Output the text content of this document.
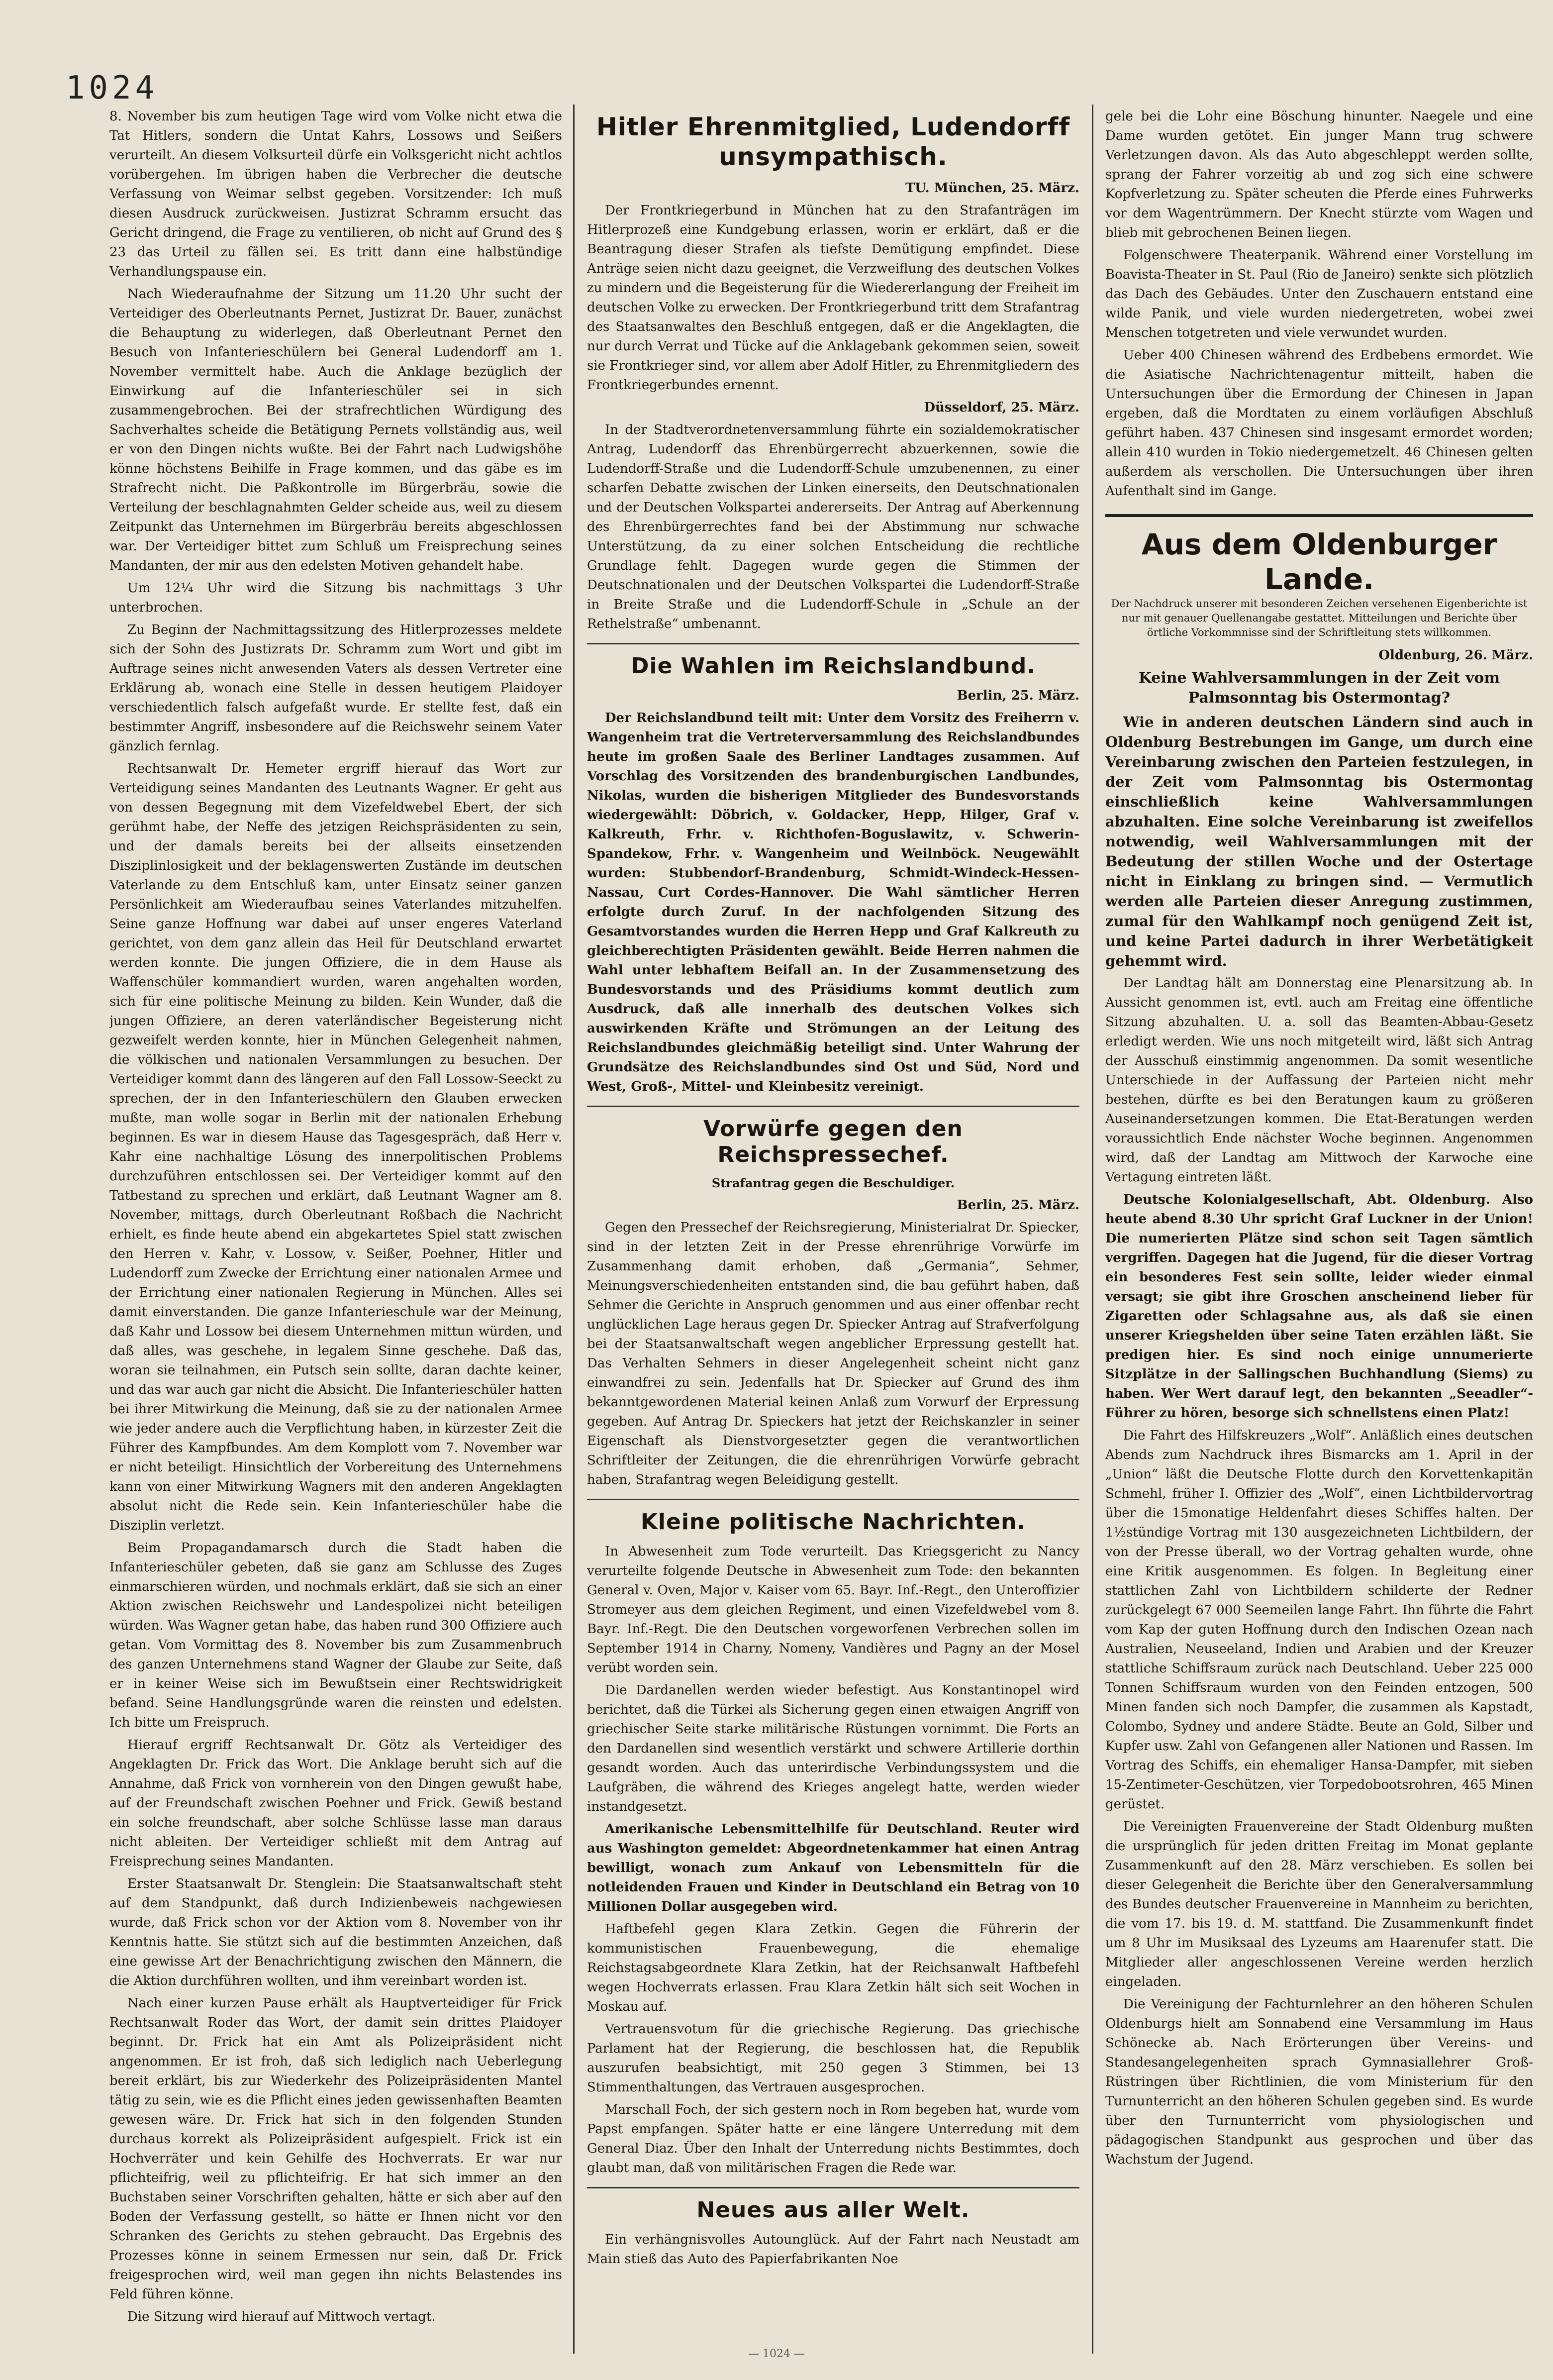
1024

8. November bis zum heutigen Tage wird vom Volke nicht etwa die Tat Hitlers, sondern die Untat Kahrs, Lossows und Seißers verurteilt. An diesem Volksurteil dürfe ein Volksgericht nicht achtlos vorübergehen. Im übrigen haben die Verbrecher die deutsche Verfassung von Weimar selbst gegeben. Vorsitzender: Ich muß diesen Ausdruck zurückweisen. Justizrat Schramm ersucht das Gericht dringend, die Frage zu ventilieren, ob nicht auf Grund des § 23 das Urteil zu fällen sei. Es tritt dann eine halbstündige Verhandlungspause ein.

Nach Wiederaufnahme der Sitzung um 11.20 Uhr sucht der Verteidiger des Oberleutnants Pernet, Justizrat Dr. Bauer, zunächst die Behauptung zu widerlegen, daß Oberleutnant Pernet den Besuch von Infanterieschülern bei General Ludendorff am 1. November vermittelt habe. Auch die Anklage bezüglich der Einwirkung auf die Infanterieschüler sei in sich zusammengebrochen. Bei der strafrechtlichen Würdigung des Sachverhaltes scheide die Betätigung Pernets vollständig aus, weil er von den Dingen nichts wußte. Bei der Fahrt nach Ludwigshöhe könne höchstens Beihilfe in Frage kommen, und das gäbe es im Strafrecht nicht. Die Paßkontrolle im Bürgerbräu, sowie die Verteilung der beschlagnahmten Gelder scheide aus, weil zu diesem Zeitpunkt das Unternehmen im Bürgerbräu bereits abgeschlossen war. Der Verteidiger bittet zum Schluß um Freisprechung seines Mandanten, der mir aus den edelsten Motiven gehandelt habe.

Um 12¼ Uhr wird die Sitzung bis nachmittags 3 Uhr unterbrochen.

Zu Beginn der Nachmittagssitzung des Hitlerprozesses meldete sich der Sohn des Justizrats Dr. Schramm zum Wort und gibt im Auftrage seines nicht anwesenden Vaters als dessen Vertreter eine Erklärung ab, wonach eine Stelle in dessen heutigem Plaidoyer verschiedentlich falsch aufgefaßt wurde. Er stellte fest, daß ein bestimmter Angriff, insbesondere auf die Reichswehr seinem Vater gänzlich fernlag.

Rechtsanwalt Dr. Hemeter ergriff hierauf das Wort zur Verteidigung seines Mandanten des Leutnants Wagner. Er geht aus von dessen Begegnung mit dem Vizefeldwebel Ebert, der sich gerühmt habe, der Neffe des jetzigen Reichspräsidenten zu sein, und der damals bereits bei der allseits einsetzenden Disziplinlosigkeit und der beklagenswerten Zustände im deutschen Vaterlande zu dem Entschluß kam, unter Einsatz seiner ganzen Persönlichkeit am Wiederaufbau seines Vaterlandes mitzuhelfen. Seine ganze Hoffnung war dabei auf unser engeres Vaterland gerichtet, von dem ganz allein das Heil für Deutschland erwartet werden konnte. Die jungen Offiziere, die in dem Hause als Waffenschüler kommandiert wurden, waren angehalten worden, sich für eine politische Meinung zu bilden. Kein Wunder, daß die jungen Offiziere, an deren vaterländischer Begeisterung nicht gezweifelt werden konnte, hier in München Gelegenheit nahmen, die völkischen und nationalen Versammlungen zu besuchen. Der Verteidiger kommt dann des längeren auf den Fall Lossow-Seeckt zu sprechen, der in den Infanterieschülern den Glauben erwecken mußte, man wolle sogar in Berlin mit der nationalen Erhebung beginnen. Es war in diesem Hause das Tagesgespräch, daß Herr v. Kahr eine nachhaltige Lösung des innerpolitischen Problems durchzuführen entschlossen sei. Der Verteidiger kommt auf den Tatbestand zu sprechen und erklärt, daß Leutnant Wagner am 8. November, mittags, durch Oberleutnant Roßbach die Nachricht erhielt, es finde heute abend ein abgekartetes Spiel statt zwischen den Herren v. Kahr, v. Lossow, v. Seißer, Poehner, Hitler und Ludendorff zum Zwecke der Errichtung einer nationalen Armee und der Errichtung einer nationalen Regierung in München. Alles sei damit einverstanden. Die ganze Infanterieschule war der Meinung, daß Kahr und Lossow bei diesem Unternehmen mittun würden, und daß alles, was geschehe, in legalem Sinne geschehe. Daß das, woran sie teilnahmen, ein Putsch sein sollte, daran dachte keiner, und das war auch gar nicht die Absicht. Die Infanterieschüler hatten bei ihrer Mitwirkung die Meinung, daß sie zu der nationalen Armee wie jeder andere auch die Verpflichtung haben, in kürzester Zeit die Führer des Kampfbundes. Am dem Komplott vom 7. November war er nicht beteiligt. Hinsichtlich der Vorbereitung des Unternehmens kann von einer Mitwirkung Wagners mit den anderen Angeklagten absolut nicht die Rede sein. Kein Infanterieschüler habe die Disziplin verletzt.

Beim Propagandamarsch durch die Stadt haben die Infanterieschüler gebeten, daß sie ganz am Schlusse des Zuges einmarschieren würden, und nochmals erklärt, daß sie sich an einer Aktion zwischen Reichswehr und Landespolizei nicht beteiligen würden. Was Wagner getan habe, das haben rund 300 Offiziere auch getan. Vom Vormittag des 8. November bis zum Zusammenbruch des ganzen Unternehmens stand Wagner der Glaube zur Seite, daß er in keiner Weise sich im Bewußtsein einer Rechtswidrigkeit befand. Seine Handlungsgründe waren die reinsten und edelsten. Ich bitte um Freispruch.

Hierauf ergriff Rechtsanwalt Dr. Götz als Verteidiger des Angeklagten Dr. Frick das Wort. Die Anklage beruht sich auf die Annahme, daß Frick von vornherein von den Dingen gewußt habe, auf der Freundschaft zwischen Poehner und Frick. Gewiß bestand ein solche freundschaft, aber solche Schlüsse lasse man daraus nicht ableiten. Der Verteidiger schließt mit dem Antrag auf Freisprechung seines Mandanten.

Erster Staatsanwalt Dr. Stenglein: Die Staatsanwaltschaft steht auf dem Standpunkt, daß durch Indizienbeweis nachgewiesen wurde, daß Frick schon vor der Aktion vom 8. November von ihr Kenntnis hatte. Sie stützt sich auf die bestimmten Anzeichen, daß eine gewisse Art der Benachrichtigung zwischen den Männern, die die Aktion durchführen wollten, und ihm vereinbart worden ist.

Nach einer kurzen Pause erhält als Hauptverteidiger für Frick Rechtsanwalt Roder das Wort, der damit sein drittes Plaidoyer beginnt. Dr. Frick hat ein Amt als Polizeipräsident nicht angenommen. Er ist froh, daß sich lediglich nach Ueberlegung bereit erklärt, bis zur Wiederkehr des Polizeipräsidenten Mantel tätig zu sein, wie es die Pflicht eines jeden gewissenhaften Beamten gewesen wäre. Dr. Frick hat sich in den folgenden Stunden durchaus korrekt als Polizeipräsident aufgespielt. Frick ist ein Hochverräter und kein Gehilfe des Hochverrats. Er war nur pflichteifrig, weil zu pflichteifrig. Er hat sich immer an den Buchstaben seiner Vorschriften gehalten, hätte er sich aber auf den Boden der Verfassung gestellt, so hätte er Ihnen nicht vor den Schranken des Gerichts zu stehen gebraucht. Das Ergebnis des Prozesses könne in seinem Ermessen nur sein, daß Dr. Frick freigesprochen wird, weil man gegen ihn nichts Belastendes ins Feld führen könne.

Die Sitzung wird hierauf auf Mittwoch vertagt.

Hitler Ehrenmitglied, Ludendorff unsympathisch.
TU. München, 25. März.

Der Frontkriegerbund in München hat zu den Strafanträgen im Hitlerprozeß eine Kundgebung erlassen, worin er erklärt, daß er die Beantragung dieser Strafen als tiefste Demütigung empfindet. Diese Anträge seien nicht dazu geeignet, die Verzweiflung des deutschen Volkes zu mindern und die Begeisterung für die Wiedererlangung der Freiheit im deutschen Volke zu erwecken. Der Frontkriegerbund tritt dem Strafantrag des Staatsanwaltes den Beschluß entgegen, daß er die Angeklagten, die nur durch Verrat und Tücke auf die Anklagebank gekommen seien, soweit sie Frontkrieger sind, vor allem aber Adolf Hitler, zu Ehrenmitgliedern des Frontkriegerbundes ernennt.

Düsseldorf, 25. März.

In der Stadtverordnetenversammlung führte ein sozialdemokratischer Antrag, Ludendorff das Ehrenbürgerrecht abzuerkennen, sowie die Ludendorff-Straße und die Ludendorff-Schule umzubenennen, zu einer scharfen Debatte zwischen der Linken einerseits, den Deutschnationalen und der Deutschen Volkspartei andererseits. Der Antrag auf Aberkennung des Ehrenbürgerrechtes fand bei der Abstimmung nur schwache Unterstützung, da zu einer solchen Entscheidung die rechtliche Grundlage fehlt. Dagegen wurde gegen die Stimmen der Deutschnationalen und der Deutschen Volkspartei die Ludendorff-Straße in Breite Straße und die Ludendorff-Schule in „Schule an der Rethelstraße“ umbenannt.

Die Wahlen im Reichslandbund.
Berlin, 25. März.

Der Reichslandbund teilt mit: Unter dem Vorsitz des Freiherrn v. Wangenheim trat die Vertreterversammlung des Reichslandbundes heute im großen Saale des Berliner Landtages zusammen. Auf Vorschlag des Vorsitzenden des brandenburgischen Landbundes, Nikolas, wurden die bisherigen Mitglieder des Bundesvorstands wiedergewählt: Döbrich, v. Goldacker, Hepp, Hilger, Graf v. Kalkreuth, Frhr. v. Richthofen-Boguslawitz, v. Schwerin-Spandekow, Frhr. v. Wangenheim und Weilnböck. Neugewählt wurden: Stubbendorf-Brandenburg, Schmidt-Windeck-Hessen-Nassau, Curt Cordes-Hannover. Die Wahl sämtlicher Herren erfolgte durch Zuruf. In der nachfolgenden Sitzung des Gesamtvorstandes wurden die Herren Hepp und Graf Kalkreuth zu gleichberechtigten Präsidenten gewählt. Beide Herren nahmen die Wahl unter lebhaftem Beifall an. In der Zusammensetzung des Bundesvorstands und des Präsidiums kommt deutlich zum Ausdruck, daß alle innerhalb des deutschen Volkes sich auswirkenden Kräfte und Strömungen an der Leitung des Reichslandbundes gleichmäßig beteiligt sind. Unter Wahrung der Grundsätze des Reichslandbundes sind Ost und Süd, Nord und West, Groß-, Mittel- und Kleinbesitz vereinigt.

Vorwürfe gegen den Reichspressechef.
Strafantrag gegen die Beschuldiger.
Berlin, 25. März.

Gegen den Pressechef der Reichsregierung, Ministerialrat Dr. Spiecker, sind in der letzten Zeit in der Presse ehrenrührige Vorwürfe im Zusammenhang damit erhoben, daß „Germania“, Sehmer, Meinungsverschiedenheiten entstanden sind, die bau geführt haben, daß Sehmer die Gerichte in Anspruch genommen und aus einer offenbar recht unglücklichen Lage heraus gegen Dr. Spiecker Antrag auf Strafverfolgung bei der Staatsanwaltschaft wegen angeblicher Erpressung gestellt hat. Das Verhalten Sehmers in dieser Angelegenheit scheint nicht ganz einwandfrei zu sein. Jedenfalls hat Dr. Spiecker auf Grund des ihm bekanntgewordenen Material keinen Anlaß zum Vorwurf der Erpressung gegeben. Auf Antrag Dr. Spieckers hat jetzt der Reichskanzler in seiner Eigenschaft als Dienstvorgesetzter gegen die verantwortlichen Schriftleiter der Zeitungen, die die ehrenrührigen Vorwürfe gebracht haben, Strafantrag wegen Beleidigung gestellt.

Kleine politische Nachrichten.

In Abwesenheit zum Tode verurteilt. Das Kriegsgericht zu Nancy verurteilte folgende Deutsche in Abwesenheit zum Tode: den bekannten General v. Oven, Major v. Kaiser vom 65. Bayr. Inf.-Regt., den Unteroffizier Stromeyer aus dem gleichen Regiment, und einen Vizefeldwebel vom 8. Bayr. Inf.-Regt. Die den Deutschen vorgeworfenen Verbrechen sollen im September 1914 in Charny, Nomeny, Vandières und Pagny an der Mosel verübt worden sein.

Die Dardanellen werden wieder befestigt. Aus Konstantinopel wird berichtet, daß die Türkei als Sicherung gegen einen etwaigen Angriff von griechischer Seite starke militärische Rüstungen vornimmt. Die Forts an den Dardanellen sind wesentlich verstärkt und schwere Artillerie dorthin gesandt worden. Auch das unterirdische Verbindungssystem und die Laufgräben, die während des Krieges angelegt hatte, werden wieder instandgesetzt.

Amerikanische Lebensmittelhilfe für Deutschland. Reuter wird aus Washington gemeldet: Abgeordnetenkammer hat einen Antrag bewilligt, wonach zum Ankauf von Lebensmitteln für die notleidenden Frauen und Kinder in Deutschland ein Betrag von 10 Millionen Dollar ausgegeben wird.

Haftbefehl gegen Klara Zetkin. Gegen die Führerin der kommunistischen Frauenbewegung, die ehemalige Reichstagsabgeordnete Klara Zetkin, hat der Reichsanwalt Haftbefehl wegen Hochverrats erlassen. Frau Klara Zetkin hält sich seit Wochen in Moskau auf.

Vertrauensvotum für die griechische Regierung. Das griechische Parlament hat der Regierung, die beschlossen hat, die Republik auszurufen beabsichtigt, mit 250 gegen 3 Stimmen, bei 13 Stimmenthaltungen, das Vertrauen ausgesprochen.

Marschall Foch, der sich gestern noch in Rom begeben hat, wurde vom Papst empfangen. Später hatte er eine längere Unterredung mit dem General Diaz. Über den Inhalt der Unterredung nichts Bestimmtes, doch glaubt man, daß von militärischen Fragen die Rede war.

Neues aus aller Welt.

Ein verhängnisvolles Autounglück. Auf der Fahrt nach Neustadt am Main stieß das Auto des Papierfabrikanten Noe

gele bei die Lohr eine Böschung hinunter. Naegele und eine Dame wurden getötet. Ein junger Mann trug schwere Verletzungen davon. Als das Auto abgeschleppt werden sollte, sprang der Fahrer vorzeitig ab und zog sich eine schwere Kopfverletzung zu. Später scheuten die Pferde eines Fuhrwerks vor dem Wagentrümmern. Der Knecht stürzte vom Wagen und blieb mit gebrochenen Beinen liegen.

Folgenschwere Theaterpanik. Während einer Vorstellung im Boavista-Theater in St. Paul (Rio de Janeiro) senkte sich plötzlich das Dach des Gebäudes. Unter den Zuschauern entstand eine wilde Panik, und viele wurden niedergetreten, wobei zwei Menschen totgetreten und viele verwundet wurden.

Ueber 400 Chinesen während des Erdbebens ermordet. Wie die Asiatische Nachrichtenagentur mitteilt, haben die Untersuchungen über die Ermordung der Chinesen in Japan ergeben, daß die Mordtaten zu einem vorläufigen Abschluß geführt haben. 437 Chinesen sind insgesamt ermordet worden; allein 410 wurden in Tokio niedergemetzelt. 46 Chinesen gelten außerdem als verschollen. Die Untersuchungen über ihren Aufenthalt sind im Gange.

Aus dem Oldenburger Lande.
Der Nachdruck unserer mit besonderen Zeichen versehenen Eigenberichte ist nur mit genauer Quellenangabe gestattet. Mitteilungen und Berichte über örtliche Vorkommnisse sind der Schriftleitung stets willkommen.
Oldenburg, 26. März.
Keine Wahlversammlungen in der Zeit vom Palmsonntag bis Ostermontag?

Wie in anderen deutschen Ländern sind auch in Oldenburg Bestrebungen im Gange, um durch eine Vereinbarung zwischen den Parteien festzulegen, in der Zeit vom Palmsonntag bis Ostermontag einschließlich keine Wahlversammlungen abzuhalten. Eine solche Vereinbarung ist zweifellos notwendig, weil Wahlversammlungen mit der Bedeutung der stillen Woche und der Ostertage nicht in Einklang zu bringen sind. — Vermutlich werden alle Parteien dieser Anregung zustimmen, zumal für den Wahlkampf noch genügend Zeit ist, und keine Partei dadurch in ihrer Werbetätigkeit gehemmt wird.

Der Landtag hält am Donnerstag eine Plenarsitzung ab. In Aussicht genommen ist, evtl. auch am Freitag eine öffentliche Sitzung abzuhalten. U. a. soll das Beamten-Abbau-Gesetz erledigt werden. Wie uns noch mitgeteilt wird, läßt sich Antrag der Ausschuß einstimmig angenommen. Da somit wesentliche Unterschiede in der Auffassung der Parteien nicht mehr bestehen, dürfte es bei den Beratungen kaum zu größeren Auseinandersetzungen kommen. Die Etat-Beratungen werden voraussichtlich Ende nächster Woche beginnen. Angenommen wird, daß der Landtag am Mittwoch der Karwoche eine Vertagung eintreten läßt.

Deutsche Kolonialgesellschaft, Abt. Oldenburg. Also heute abend 8.30 Uhr spricht Graf Luckner in der Union! Die numerierten Plätze sind schon seit Tagen sämtlich vergriffen. Dagegen hat die Jugend, für die dieser Vortrag ein besonderes Fest sein sollte, leider wieder einmal versagt; sie gibt ihre Groschen anscheinend lieber für Zigaretten oder Schlagsahne aus, als daß sie einen unserer Kriegshelden über seine Taten erzählen läßt. Sie predigen hier. Es sind noch einige unnumerierte Sitzplätze in der Sallingschen Buchhandlung (Siems) zu haben. Wer Wert darauf legt, den bekannten „Seeadler“-Führer zu hören, besorge sich schnellstens einen Platz!

Die Fahrt des Hilfskreuzers „Wolf“. Anläßlich eines deutschen Abends zum Nachdruck ihres Bismarcks am 1. April in der „Union“ läßt die Deutsche Flotte durch den Korvettenkapitän Schmehl, früher I. Offizier des „Wolf“, einen Lichtbildervortrag über die 15monatige Heldenfahrt dieses Schiffes halten. Der 1½stündige Vortrag mit 130 ausgezeichneten Lichtbildern, der von der Presse überall, wo der Vortrag gehalten wurde, ohne eine Kritik ausgenommen. Es folgen. In Begleitung einer stattlichen Zahl von Lichtbildern schilderte der Redner zurückgelegt 67 000 Seemeilen lange Fahrt. Ihn führte die Fahrt vom Kap der guten Hoffnung durch den Indischen Ozean nach Australien, Neuseeland, Indien und Arabien und der Kreuzer stattliche Schiffsraum zurück nach Deutschland. Ueber 225 000 Tonnen Schiffsraum wurden von den Feinden entzogen, 500 Minen fanden sich noch Dampfer, die zusammen als Kapstadt, Colombo, Sydney und andere Städte. Beute an Gold, Silber und Kupfer usw. Zahl von Gefangenen aller Nationen und Rassen. Im Vortrag des Schiffs, ein ehemaliger Hansa-Dampfer, mit sieben 15-Zentimeter-Geschützen, vier Torpedobootsrohren, 465 Minen gerüstet.

Die Vereinigten Frauenvereine der Stadt Oldenburg mußten die ursprünglich für jeden dritten Freitag im Monat geplante Zusammenkunft auf den 28. März verschieben. Es sollen bei dieser Gelegenheit die Berichte über den Generalversammlung des Bundes deutscher Frauenvereine in Mannheim zu berichten, die vom 17. bis 19. d. M. stattfand. Die Zusammenkunft findet um 8 Uhr im Musiksaal des Lyzeums am Haarenufer statt. Die Mitglieder aller angeschlossenen Vereine werden herzlich eingeladen.

Die Vereinigung der Fachturnlehrer an den höheren Schulen Oldenburgs hielt am Sonnabend eine Versammlung im Haus Schönecke ab. Nach Erörterungen über Vereins- und Standesangelegenheiten sprach Gymnasiallehrer Groß-Rüstringen über Richtlinien, die vom Ministerium für den Turnunterricht an den höheren Schulen gegeben sind. Es wurde über den Turnunterricht vom physiologischen und pädagogischen Standpunkt aus gesprochen und über das Wachstum der Jugend.

— 1024 —
